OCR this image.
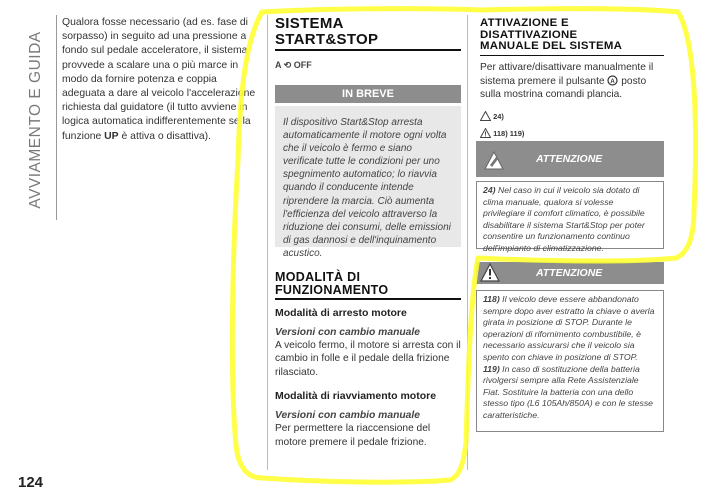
AVVIAMENTO E GUIDA

Qualora fosse necessario (ad es. fase di sorpasso) in seguito ad una pressione a fondo sul pedale acceleratore, il sistema provvede a scalare una o più marce in modo da fornire potenza e coppia adeguata a dare al veicolo l'accelerazione richiesta dal guidatore (il tutto avviene in logica automatica indifferentemente se la funzione UP è attiva o disattiva).

124
SISTEMA
START&STOP
A ⟲ OFF
IN BREVE
Il dispositivo Start&Stop arresta automaticamente il motore ogni volta che il veicolo è fermo e siano verificate tutte le condizioni per uno spegnimento automatico; lo riavvia quando il conducente intende riprendere la marcia. Ciò aumenta l'efficienza del veicolo attraverso la riduzione dei consumi, delle emissioni di gas dannosi e dell'inquinamento acustico.
MODALITÀ DI
FUNZIONAMENTO
Modalità di arresto motore
Versioni con cambio manuale
A veicolo fermo, il motore si arresta con il cambio in folle e il pedale della frizione rilasciato.
Modalità di riavviamento motore
Versioni con cambio manuale
Per permettere la riaccensione del motore premere il pedale frizione.
ATTIVAZIONE E
DISATTIVAZIONE
MANUALE DEL SISTEMA

Per attivare/disattivare manualmente il sistema premere il pulsante A posto sulla mostrina comandi plancia.

24)
118) 119)
ATTENZIONE
24) Nel caso in cui il veicolo sia dotato di clima manuale, qualora si volesse privilegiare il comfort climatico, è possibile disabilitare il sistema Start&Stop per poter consentire un funzionamento continuo dell'impianto di climatizzazione.
ATTENZIONE
118) Il veicolo deve essere abbandonato sempre dopo aver estratto la chiave o averla girata in posizione di STOP. Durante le operazioni di rifornimento combustibile, è necessario assicurarsi che il veicolo sia spento con chiave in posizione di STOP.
119) In caso di sostituzione della batteria rivolgersi sempre alla Rete Assistenziale Fiat. Sostituire la batteria con una dello stesso tipo (L6 105Ah/850A) e con le stesse caratteristiche.
